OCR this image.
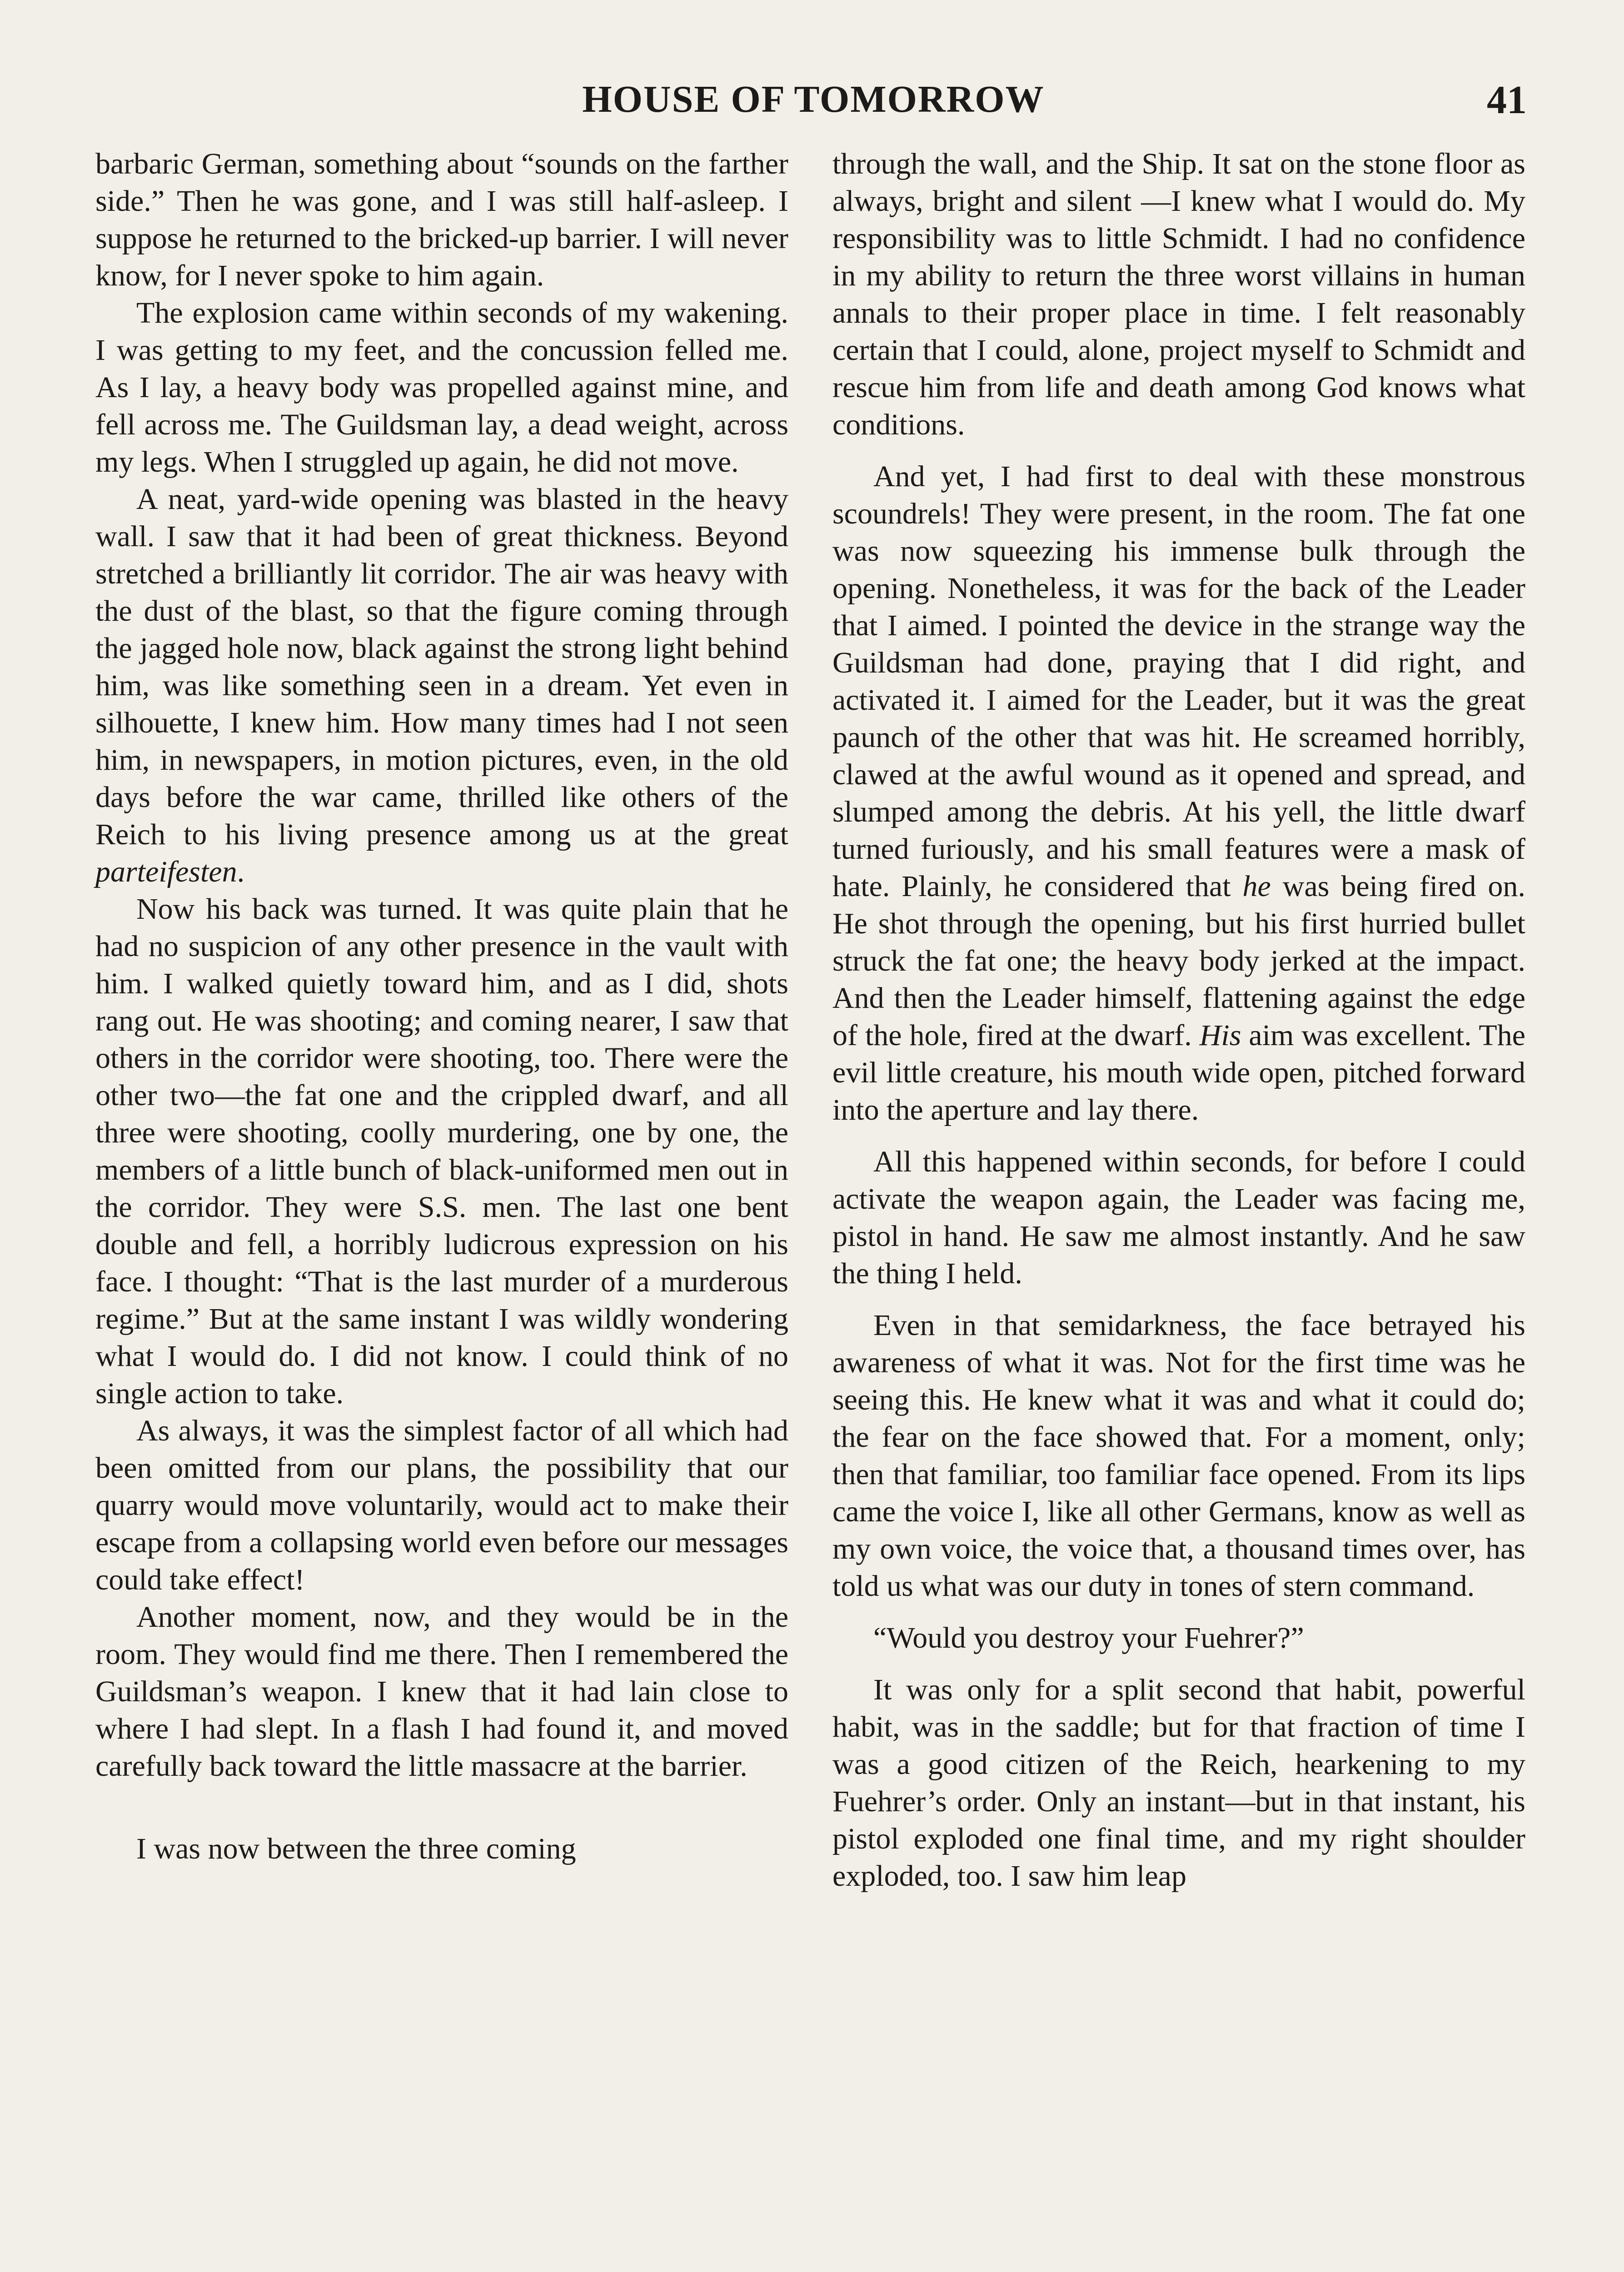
HOUSE OF TOMORROW	41

barbaric German, something about “sounds on the farther side.” Then he was gone, and I was still half-asleep. I suppose he returned to the bricked-up barrier. I will never know, for I never spoke to him again.

The explosion came within seconds of my wakening. I was getting to my feet, and the concussion felled me. As I lay, a heavy body was propelled against mine, and fell across me. The Guildsman lay, a dead weight, across my legs. When I struggled up again, he did not move.

A neat, yard-wide opening was blasted in the heavy wall. I saw that it had been of great thickness. Beyond stretched a brilliantly lit corridor. The air was heavy with the dust of the blast, so that the figure coming through the jagged hole now, black against the strong light behind him, was like something seen in a dream. Yet even in silhouette, I knew him. How many times had I not seen him, in newspapers, in motion pictures, even, in the old days before the war came, thrilled like others of the Reich to his living presence among us at the great parteifesten.

Now his back was turned. It was quite plain that he had no suspicion of any other presence in the vault with him. I walked quietly toward him, and as I did, shots rang out. He was shooting; and coming nearer, I saw that others in the corridor were shooting, too. There were the other two—the fat one and the crippled dwarf, and all three were shooting, coolly murdering, one by one, the members of a little bunch of black-uniformed men out in the corridor. They were S.S. men. The last one bent double and fell, a horribly ludicrous expression on his face. I thought: “That is the last murder of a murderous regime.” But at the same instant I was wildly wondering what I would do. I did not know. I could think of no single action to take.

As always, it was the simplest factor of all which had been omitted from our plans, the possibility that our quarry would move voluntarily, would act to make their escape from a collapsing world even before our messages could take effect!

Another moment, now, and they would be in the room. They would find me there. Then I remembered the Guildsman’s weapon. I knew that it had lain close to where I had slept. In a flash I had found it, and moved carefully back toward the little massacre at the barrier.

I was now between the three coming

through the wall, and the Ship. It sat on the stone floor as always, bright and silent —I knew what I would do. My responsibility was to little Schmidt. I had no confidence in my ability to return the three worst villains in human annals to their proper place in time. I felt reasonably certain that I could, alone, project myself to Schmidt and rescue him from life and death among God knows what conditions.

And yet, I had first to deal with these monstrous scoundrels! They were present, in the room. The fat one was now squeezing his immense bulk through the opening. Nonetheless, it was for the back of the Leader that I aimed. I pointed the device in the strange way the Guildsman had done, praying that I did right, and activated it. I aimed for the Leader, but it was the great paunch of the other that was hit. He screamed horribly, clawed at the awful wound as it opened and spread, and slumped among the debris. At his yell, the little dwarf turned furiously, and his small features were a mask of hate. Plainly, he considered that he was being fired on. He shot through the opening, but his first hurried bullet struck the fat one; the heavy body jerked at the impact. And then the Leader himself, flattening against the edge of the hole, fired at the dwarf. His aim was excellent. The evil little creature, his mouth wide open, pitched forward into the aperture and lay there.

All this happened within seconds, for before I could activate the weapon again, the Leader was facing me, pistol in hand. He saw me almost instantly. And he saw the thing I held.

Even in that semidarkness, the face betrayed his awareness of what it was. Not for the first time was he seeing this. He knew what it was and what it could do; the fear on the face showed that. For a moment, only; then that familiar, too familiar face opened. From its lips came the voice I, like all other Germans, know as well as my own voice, the voice that, a thousand times over, has told us what was our duty in tones of stern command.

“Would you destroy your Fuehrer?”

It was only for a split second that habit, powerful habit, was in the saddle; but for that fraction of time I was a good citizen of the Reich, hearkening to my Fuehrer’s order. Only an instant—but in that instant, his pistol exploded one final time, and my right shoulder exploded, too. I saw him leap
